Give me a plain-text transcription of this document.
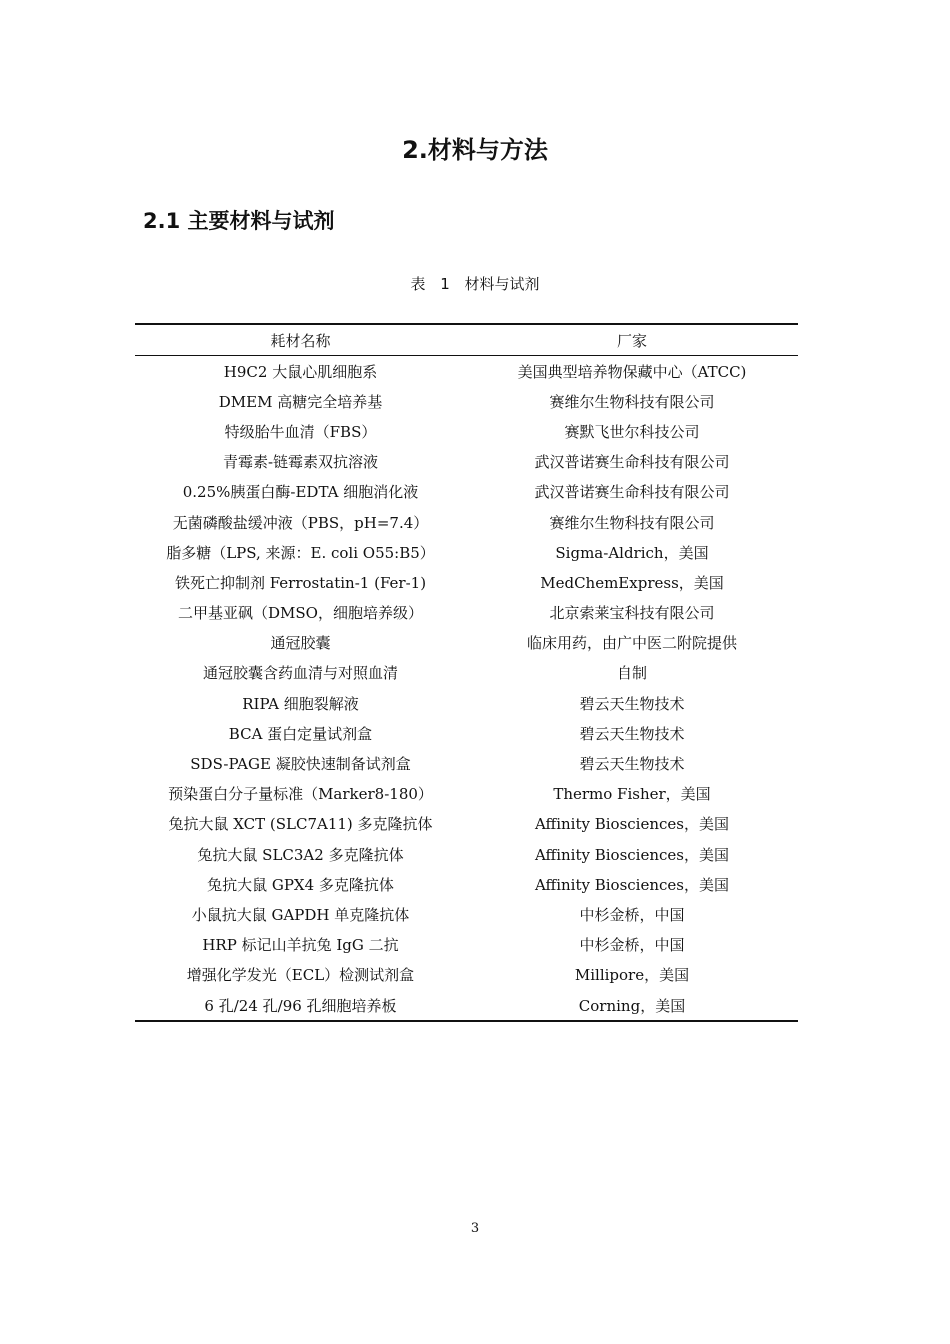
2.材料与方法
2.1 主要材料与试剂
表 1 材料与试剂
耗材名称	厂家
H9C2 大鼠心肌细胞系	美国典型培养物保藏中心（ATCC)
DMEM 高糖完全培养基	赛维尔生物科技有限公司
特级胎牛血清（FBS）	赛默飞世尔科技公司
青霉素-链霉素双抗溶液	武汉普诺赛生命科技有限公司
0.25%胰蛋白酶-EDTA 细胞消化液	武汉普诺赛生命科技有限公司
无菌磷酸盐缓冲液（PBS，pH=7.4）	赛维尔生物科技有限公司
脂多糖（LPS, 来源：E. coli O55:B5）	Sigma-Aldrich，美国
铁死亡抑制剂 Ferrostatin-1 (Fer-1)	MedChemExpress，美国
二甲基亚砜（DMSO，细胞培养级）	北京索莱宝科技有限公司
通冠胶囊	临床用药，由广中医二附院提供
通冠胶囊含药血清与对照血清	自制
RIPA 细胞裂解液	碧云天生物技术
BCA 蛋白定量试剂盒	碧云天生物技术
SDS-PAGE 凝胶快速制备试剂盒	碧云天生物技术
预染蛋白分子量标准（Marker8-180）	Thermo Fisher，美国
兔抗大鼠 XCT (SLC7A11) 多克隆抗体	Affinity Biosciences，美国
兔抗大鼠 SLC3A2 多克隆抗体	Affinity Biosciences，美国
兔抗大鼠 GPX4 多克隆抗体	Affinity Biosciences，美国
小鼠抗大鼠 GAPDH 单克隆抗体	中杉金桥，中国
HRP 标记山羊抗兔 IgG 二抗	中杉金桥，中国
增强化学发光（ECL）检测试剂盒	Millipore，美国
6 孔/24 孔/96 孔细胞培养板	Corning，美国
3
